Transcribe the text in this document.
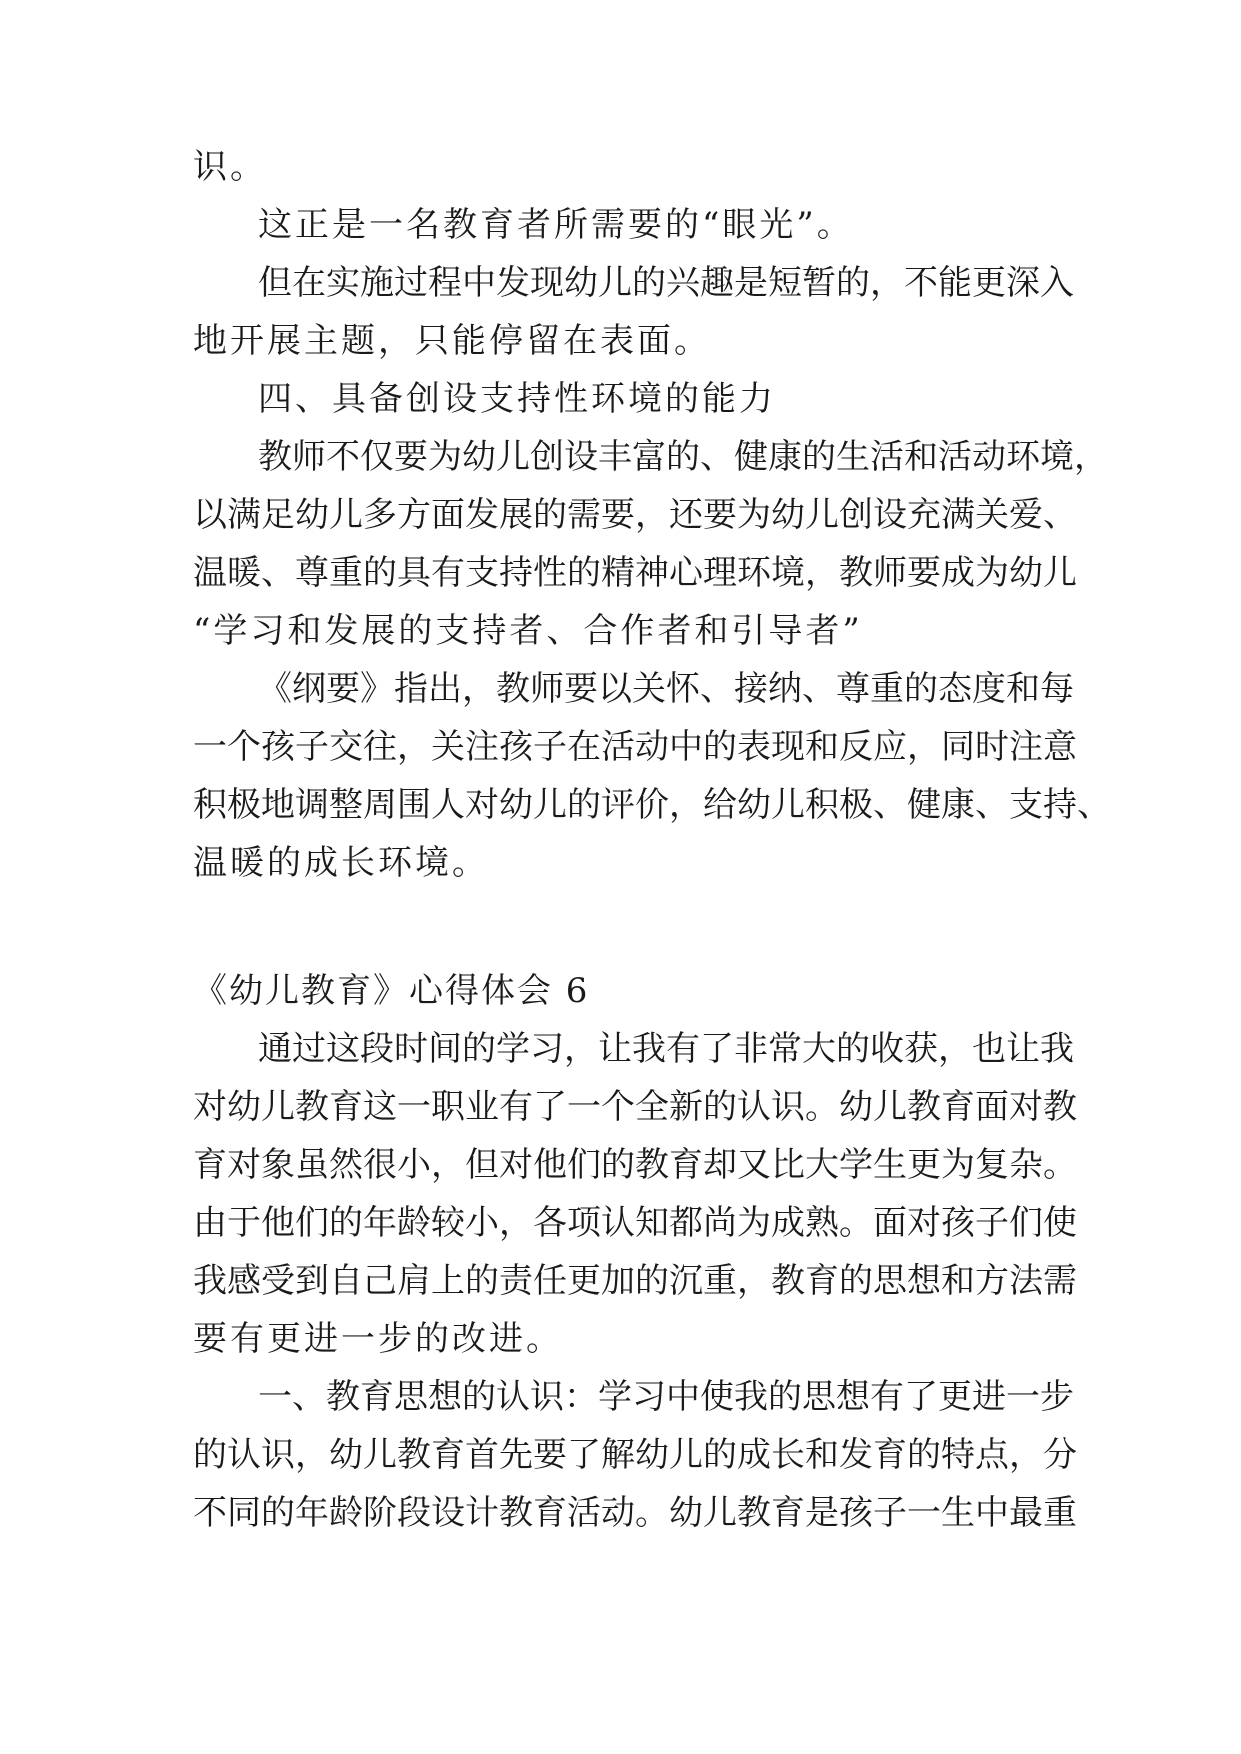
识。
这正是一名教育者所需要的“眼光”。
但在实施过程中发现幼儿的兴趣是短暂的，不能更深入
地开展主题，只能停留在表面。
四、具备创设支持性环境的能力
教师不仅要为幼儿创设丰富的、健康的生活和活动环境，
以满足幼儿多方面发展的需要，还要为幼儿创设充满关爱、
温暖、尊重的具有支持性的精神心理环境，教师要成为幼儿
“学习和发展的支持者、合作者和引导者”
《纲要》指出，教师要以关怀、接纳、尊重的态度和每
一个孩子交往，关注孩子在活动中的表现和反应，同时注意
积极地调整周围人对幼儿的评价，给幼儿积极、健康、支持、
温暖的成长环境。
《幼儿教育》心得体会 6
通过这段时间的学习，让我有了非常大的收获，也让我
对幼儿教育这一职业有了一个全新的认识。幼儿教育面对教
育对象虽然很小，但对他们的教育却又比大学生更为复杂。
由于他们的年龄较小，各项认知都尚为成熟。面对孩子们使
我感受到自己肩上的责任更加的沉重，教育的思想和方法需
要有更进一步的改进。
一、教育思想的认识：学习中使我的思想有了更进一步
的认识，幼儿教育首先要了解幼儿的成长和发育的特点，分
不同的年龄阶段设计教育活动。幼儿教育是孩子一生中最重
